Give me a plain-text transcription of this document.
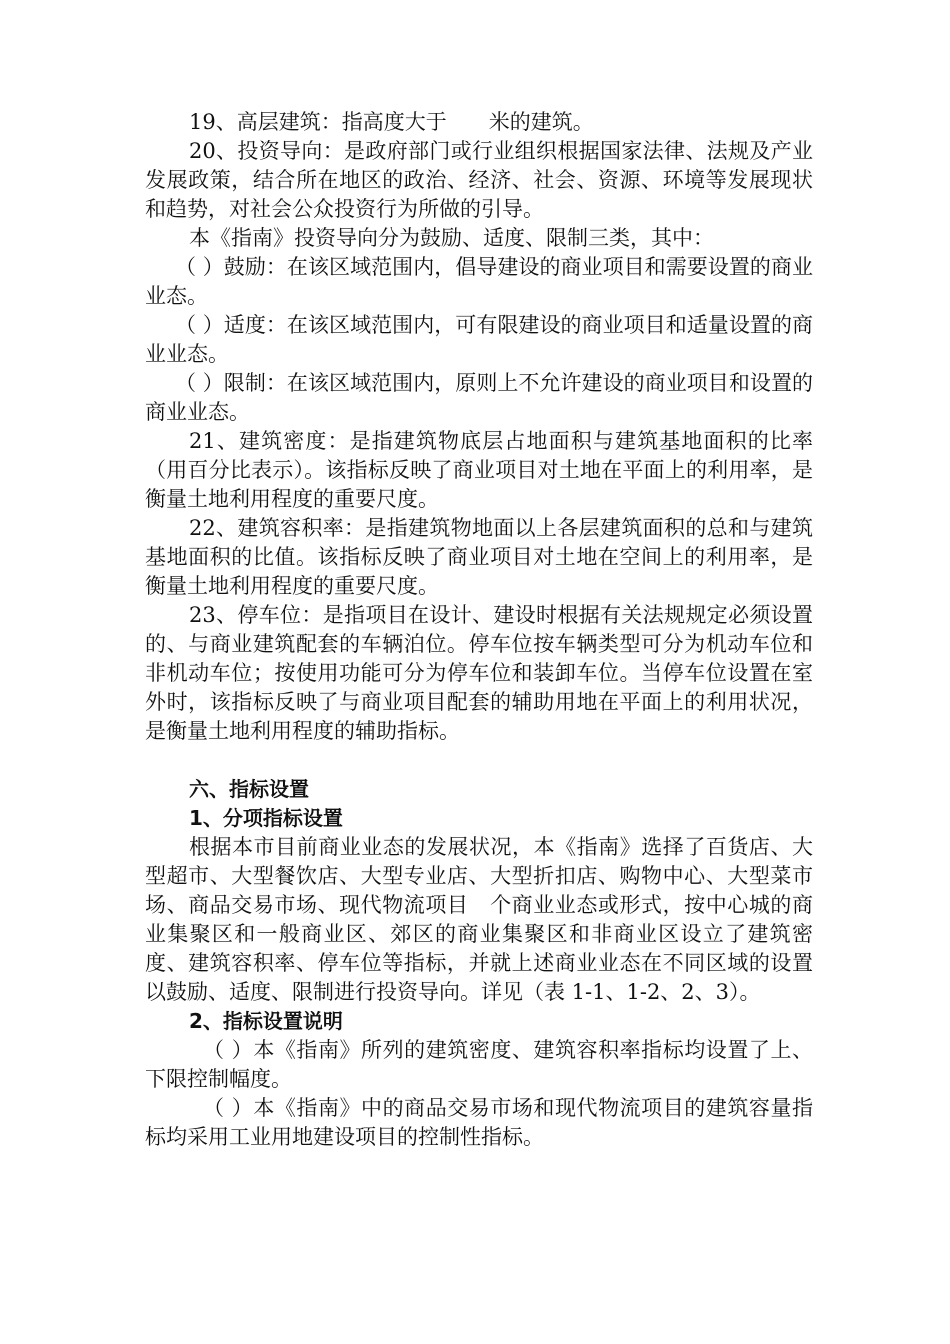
19、高层建筑：指高度大于　　米的建筑。

20、投资导向：是政府部门或行业组织根据国家法律、法规及产业发展政策，结合所在地区的政治、经济、社会、资源、环境等发展现状和趋势，对社会公众投资行为所做的引导。

本《指南》投资导向分为鼓励、适度、限制三类，其中：

（ ）鼓励：在该区域范围内，倡导建设的商业项目和需要设置的商业业态。

（ ）适度：在该区域范围内，可有限建设的商业项目和适量设置的商业业态。

（ ）限制：在该区域范围内，原则上不允许建设的商业项目和设置的商业业态。

21、建筑密度：是指建筑物底层占地面积与建筑基地面积的比率（用百分比表示）。该指标反映了商业项目对土地在平面上的利用率，是衡量土地利用程度的重要尺度。

22、建筑容积率：是指建筑物地面以上各层建筑面积的总和与建筑基地面积的比值。该指标反映了商业项目对土地在空间上的利用率，是衡量土地利用程度的重要尺度。

23、停车位：是指项目在设计、建设时根据有关法规规定必须设置的、与商业建筑配套的车辆泊位。停车位按车辆类型可分为机动车位和非机动车位；按使用功能可分为停车位和装卸车位。当停车位设置在室外时，该指标反映了与商业项目配套的辅助用地在平面上的利用状况，是衡量土地利用程度的辅助指标。

六、指标设置

1、分项指标设置

根据本市目前商业业态的发展状况，本《指南》选择了百货店、大型超市、大型餐饮店、大型专业店、大型折扣店、购物中心、大型菜市场、商品交易市场、现代物流项目　个商业业态或形式，按中心城的商业集聚区和一般商业区、郊区的商业集聚区和非商业区设立了建筑密度、建筑容积率、停车位等指标，并就上述商业业态在不同区域的设置以鼓励、适度、限制进行投资导向。详见（表 1-1、1-2、2、3）。

2、指标设置说明

（ ）本《指南》所列的建筑密度、建筑容积率指标均设置了上、下限控制幅度。

（ ）本《指南》中的商品交易市场和现代物流项目的建筑容量指标均采用工业用地建设项目的控制性指标。
